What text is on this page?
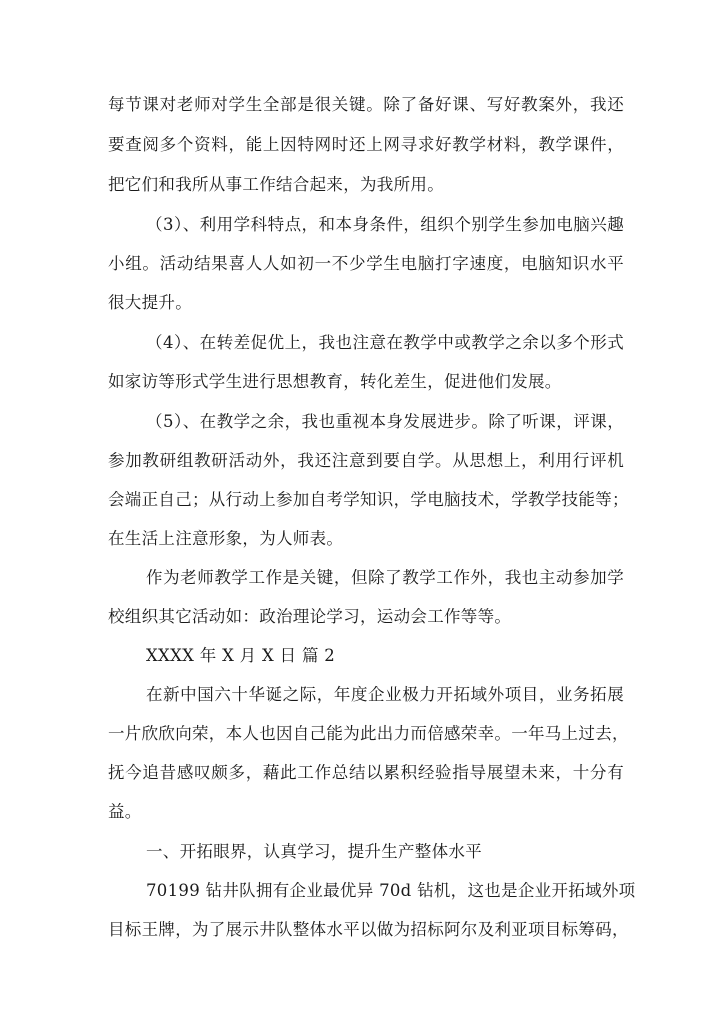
每节课对老师对学生全部是很关键。除了备好课、写好教案外，我还
要查阅多个资料，能上因特网时还上网寻求好教学材料，教学课件，
把它们和我所从事工作结合起来，为我所用。
（3）、利用学科特点，和本身条件，组织个别学生参加电脑兴趣
小组。活动结果喜人人如初一不少学生电脑打字速度，电脑知识水平
很大提升。
（4）、在转差促优上，我也注意在教学中或教学之余以多个形式
如家访等形式学生进行思想教育，转化差生，促进他们发展。
（5）、在教学之余，我也重视本身发展进步。除了听课，评课，
参加教研组教研活动外，我还注意到要自学。从思想上，利用行评机
会端正自己；从行动上参加自考学知识，学电脑技术，学教学技能等；
在生活上注意形象，为人师表。
作为老师教学工作是关键，但除了教学工作外，我也主动参加学
校组织其它活动如：政治理论学习，运动会工作等等。
XXXX 年 X 月 X 日 篇 2
在新中国六十华诞之际，年度企业极力开拓域外项目，业务拓展
一片欣欣向荣，本人也因自己能为此出力而倍感荣幸。一年马上过去，
抚今追昔感叹颇多，藉此工作总结以累积经验指导展望未来，十分有
益。
一、开拓眼界，认真学习，提升生产整体水平
70199 钻井队拥有企业最优异 70d 钻机，这也是企业开拓域外项
目标王牌，为了展示井队整体水平以做为招标阿尔及利亚项目标筹码，
